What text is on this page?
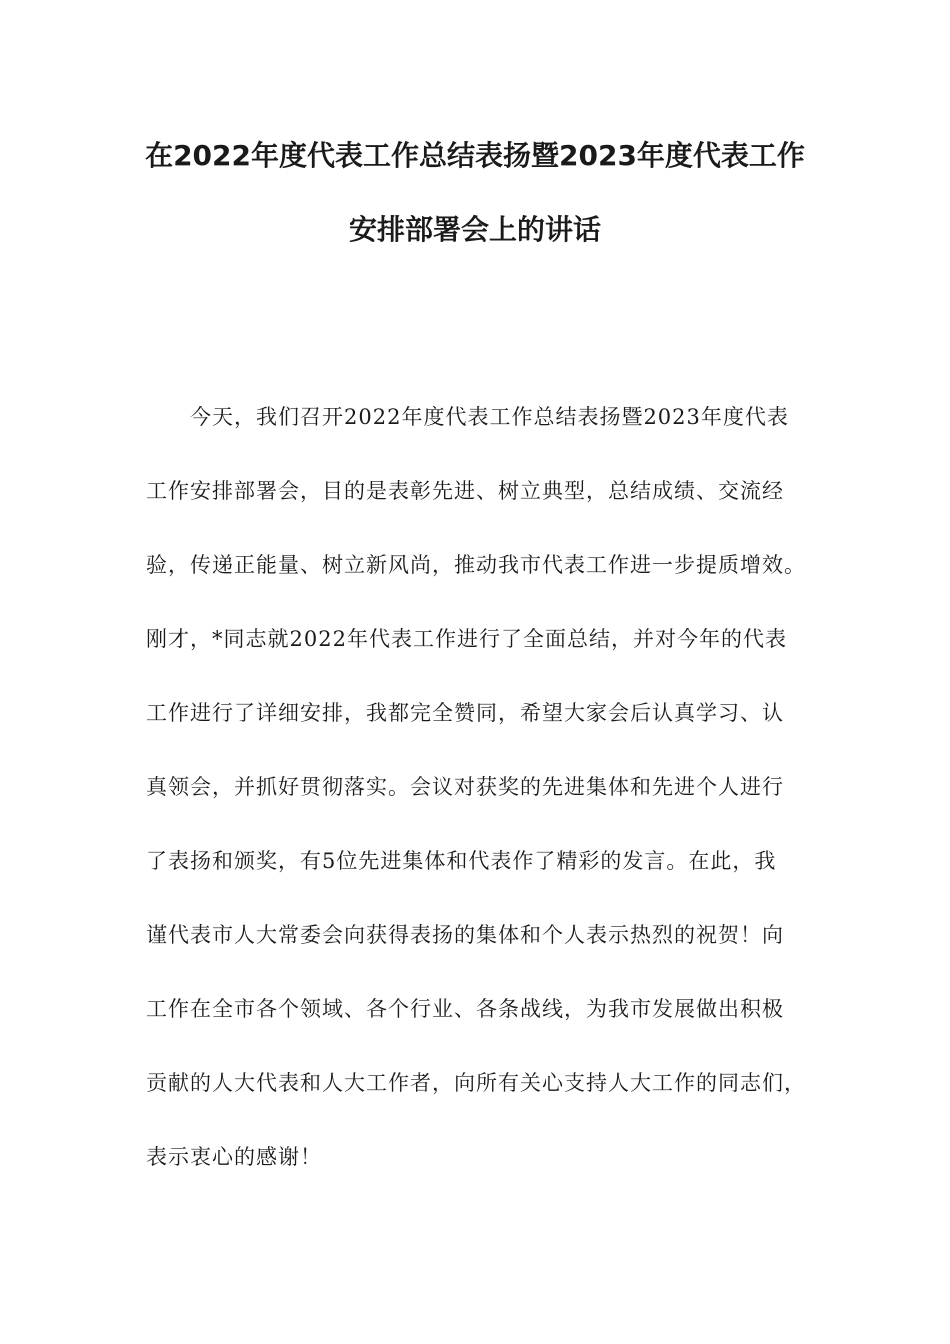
在2022年度代表工作总结表扬暨2023年度代表工作
安排部署会上的讲话
今天，我们召开2022年度代表工作总结表扬暨2023年度代表
工作安排部署会，目的是表彰先进、树立典型，总结成绩、交流经
验，传递正能量、树立新风尚，推动我市代表工作进一步提质增效。
刚才，*同志就2022年代表工作进行了全面总结，并对今年的代表
工作进行了详细安排，我都完全赞同，希望大家会后认真学习、认
真领会，并抓好贯彻落实。会议对获奖的先进集体和先进个人进行
了表扬和颁奖，有5位先进集体和代表作了精彩的发言。在此，我
谨代表市人大常委会向获得表扬的集体和个人表示热烈的祝贺！向
工作在全市各个领域、各个行业、各条战线，为我市发展做出积极
贡献的人大代表和人大工作者，向所有关心支持人大工作的同志们，
表示衷心的感谢！
